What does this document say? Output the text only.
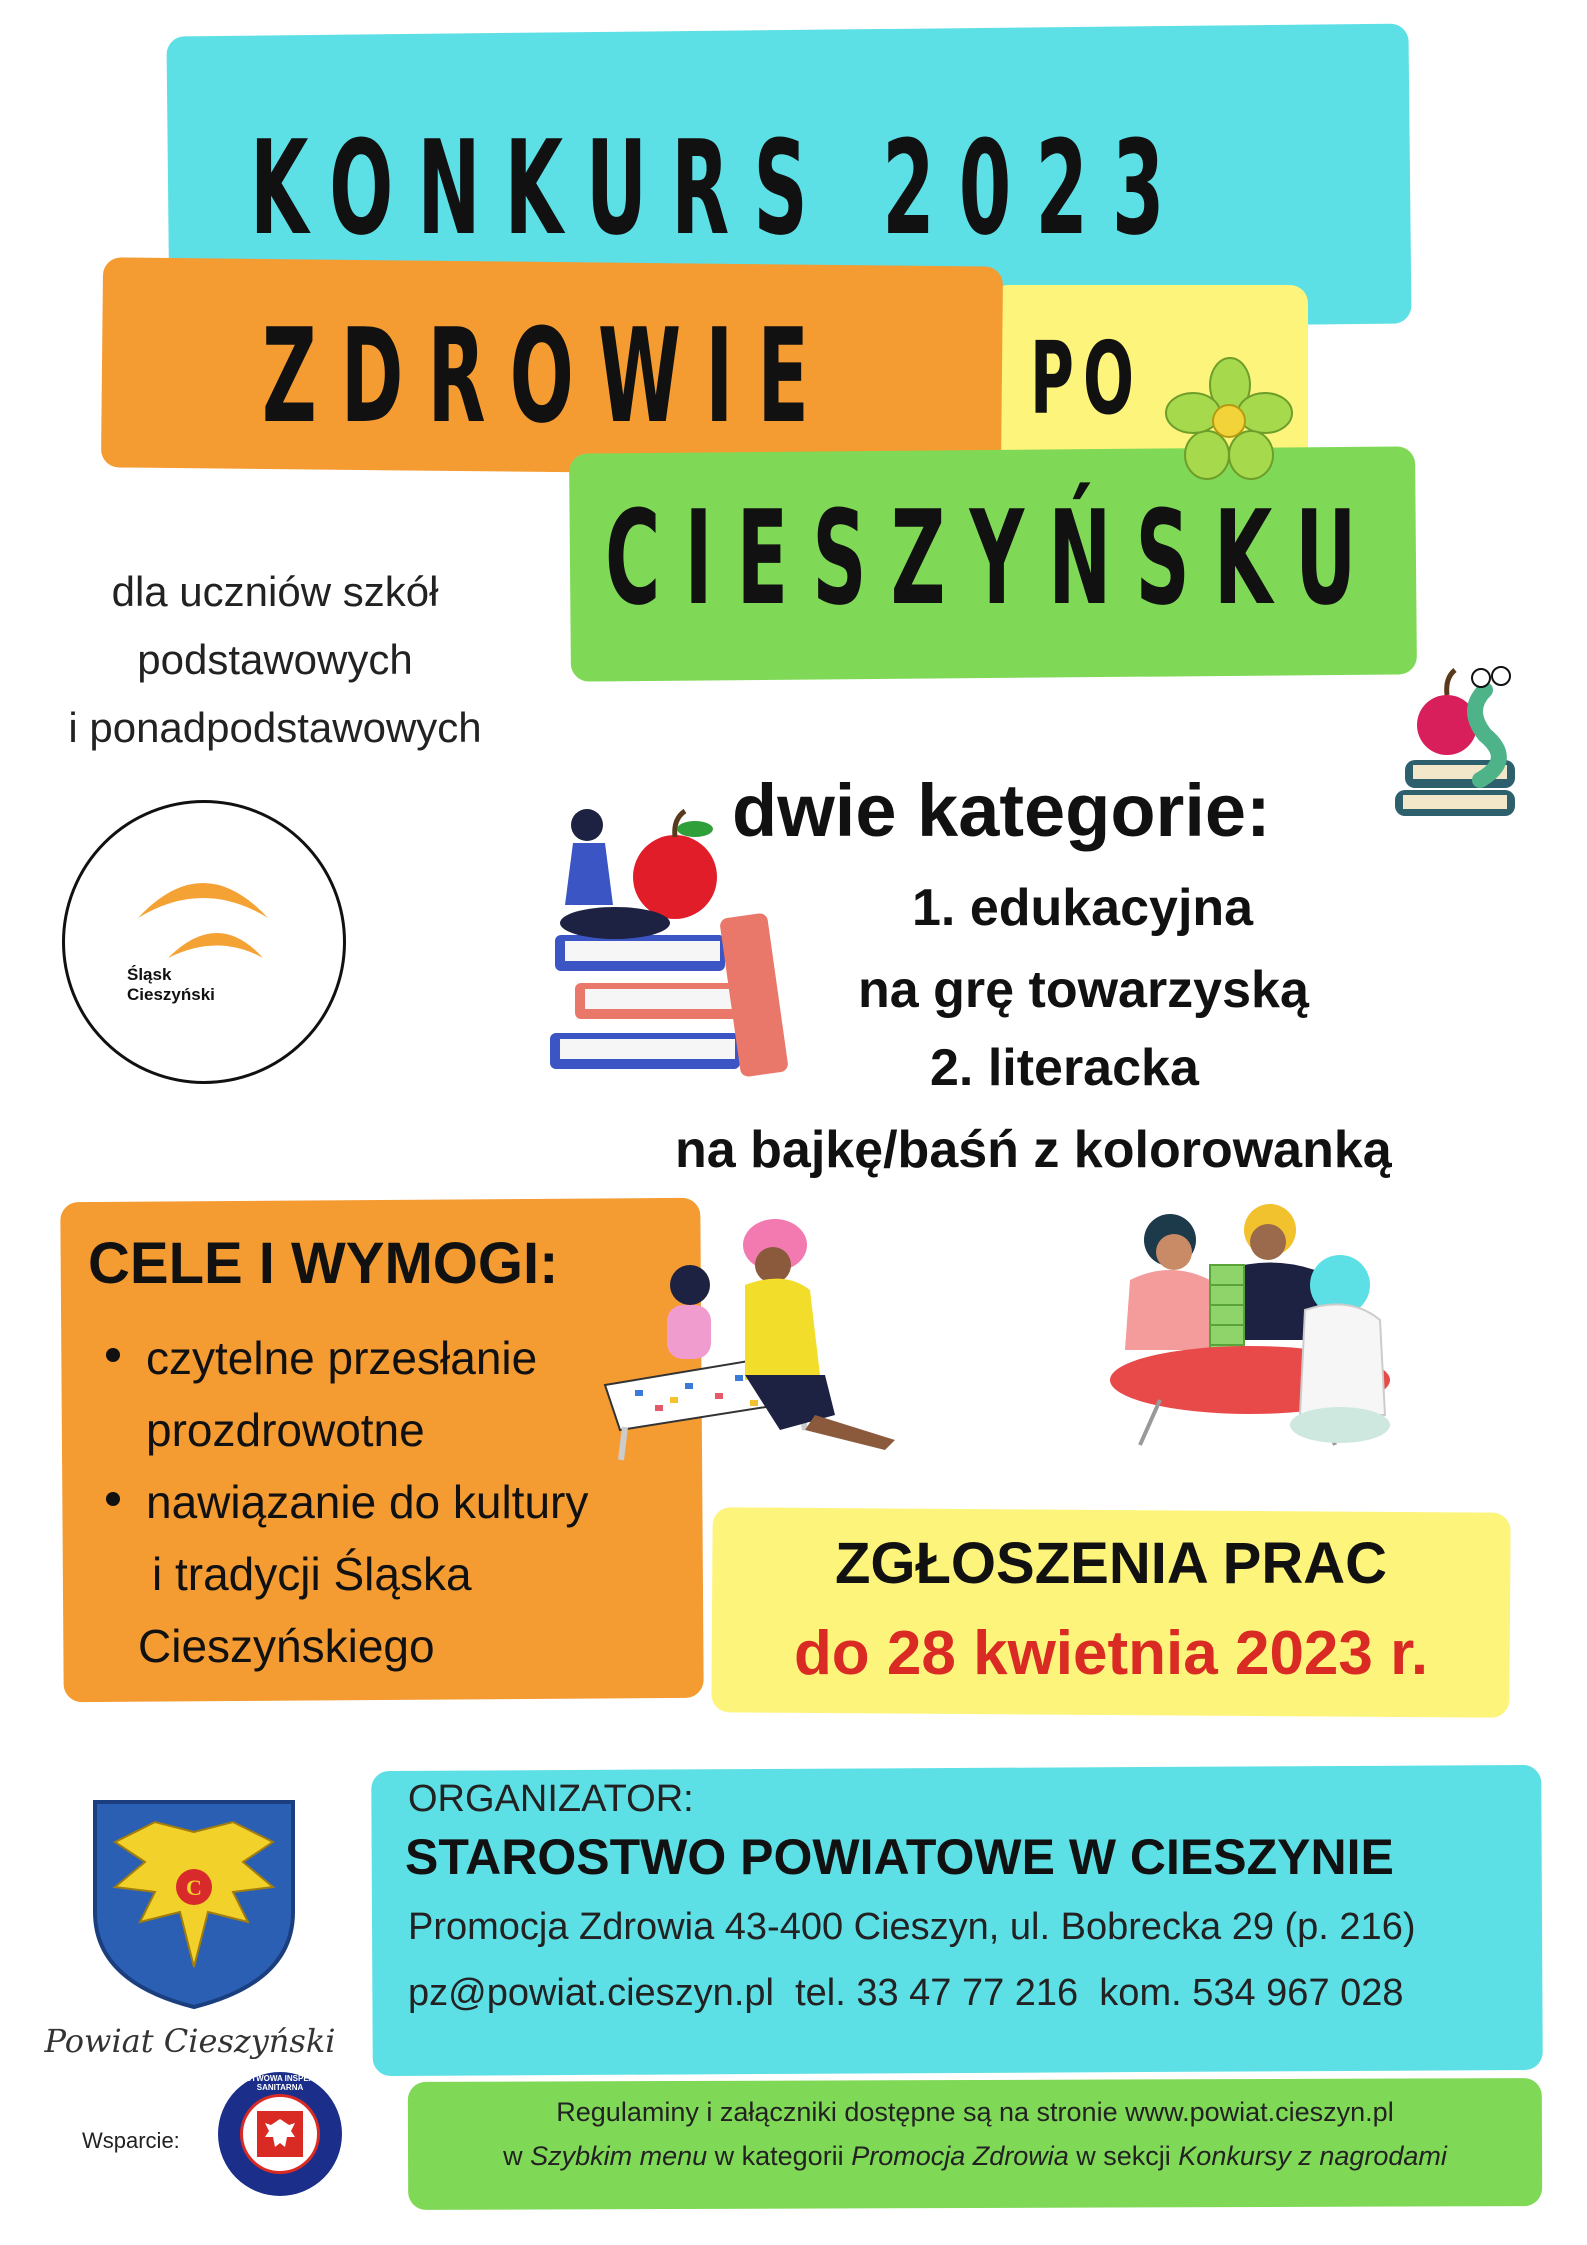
KONKURS 2023
ZDROWIE PO
CIESZYŃSKU
dla uczniów szkół
podstawowych
i ponadpodstawowych
Śląsk
Cieszyński
dwie kategorie:
1. edukacyjna
na grę towarzyską
2. literacka
na bajkę/baśń z kolorowanką
CELE I WYMOGI:
czytelne przesłanie
prozdrowotne
nawiązanie do kultury
i tradycji Śląska
Cieszyńskiego
ZGŁOSZENIA PRAC
do 28 kwietnia 2023 r.
C
Powiat Cieszyński
ORGANIZATOR:
STAROSTWO POWIATOWE W CIESZYNIE
Promocja Zdrowia 43-400 Cieszyn, ul. Bobrecka 29 (p. 216)
pz@powiat.cieszyn.pl  tel. 33 47 77 216  kom. 534 967 028
Wsparcie:
PAŃSTWOWA INSPEKCJA SANITARNA
Regulaminy i załączniki dostępne są na stronie www.powiat.cieszyn.pl
w Szybkim menu w kategorii Promocja Zdrowia w sekcji Konkursy z nagrodami
